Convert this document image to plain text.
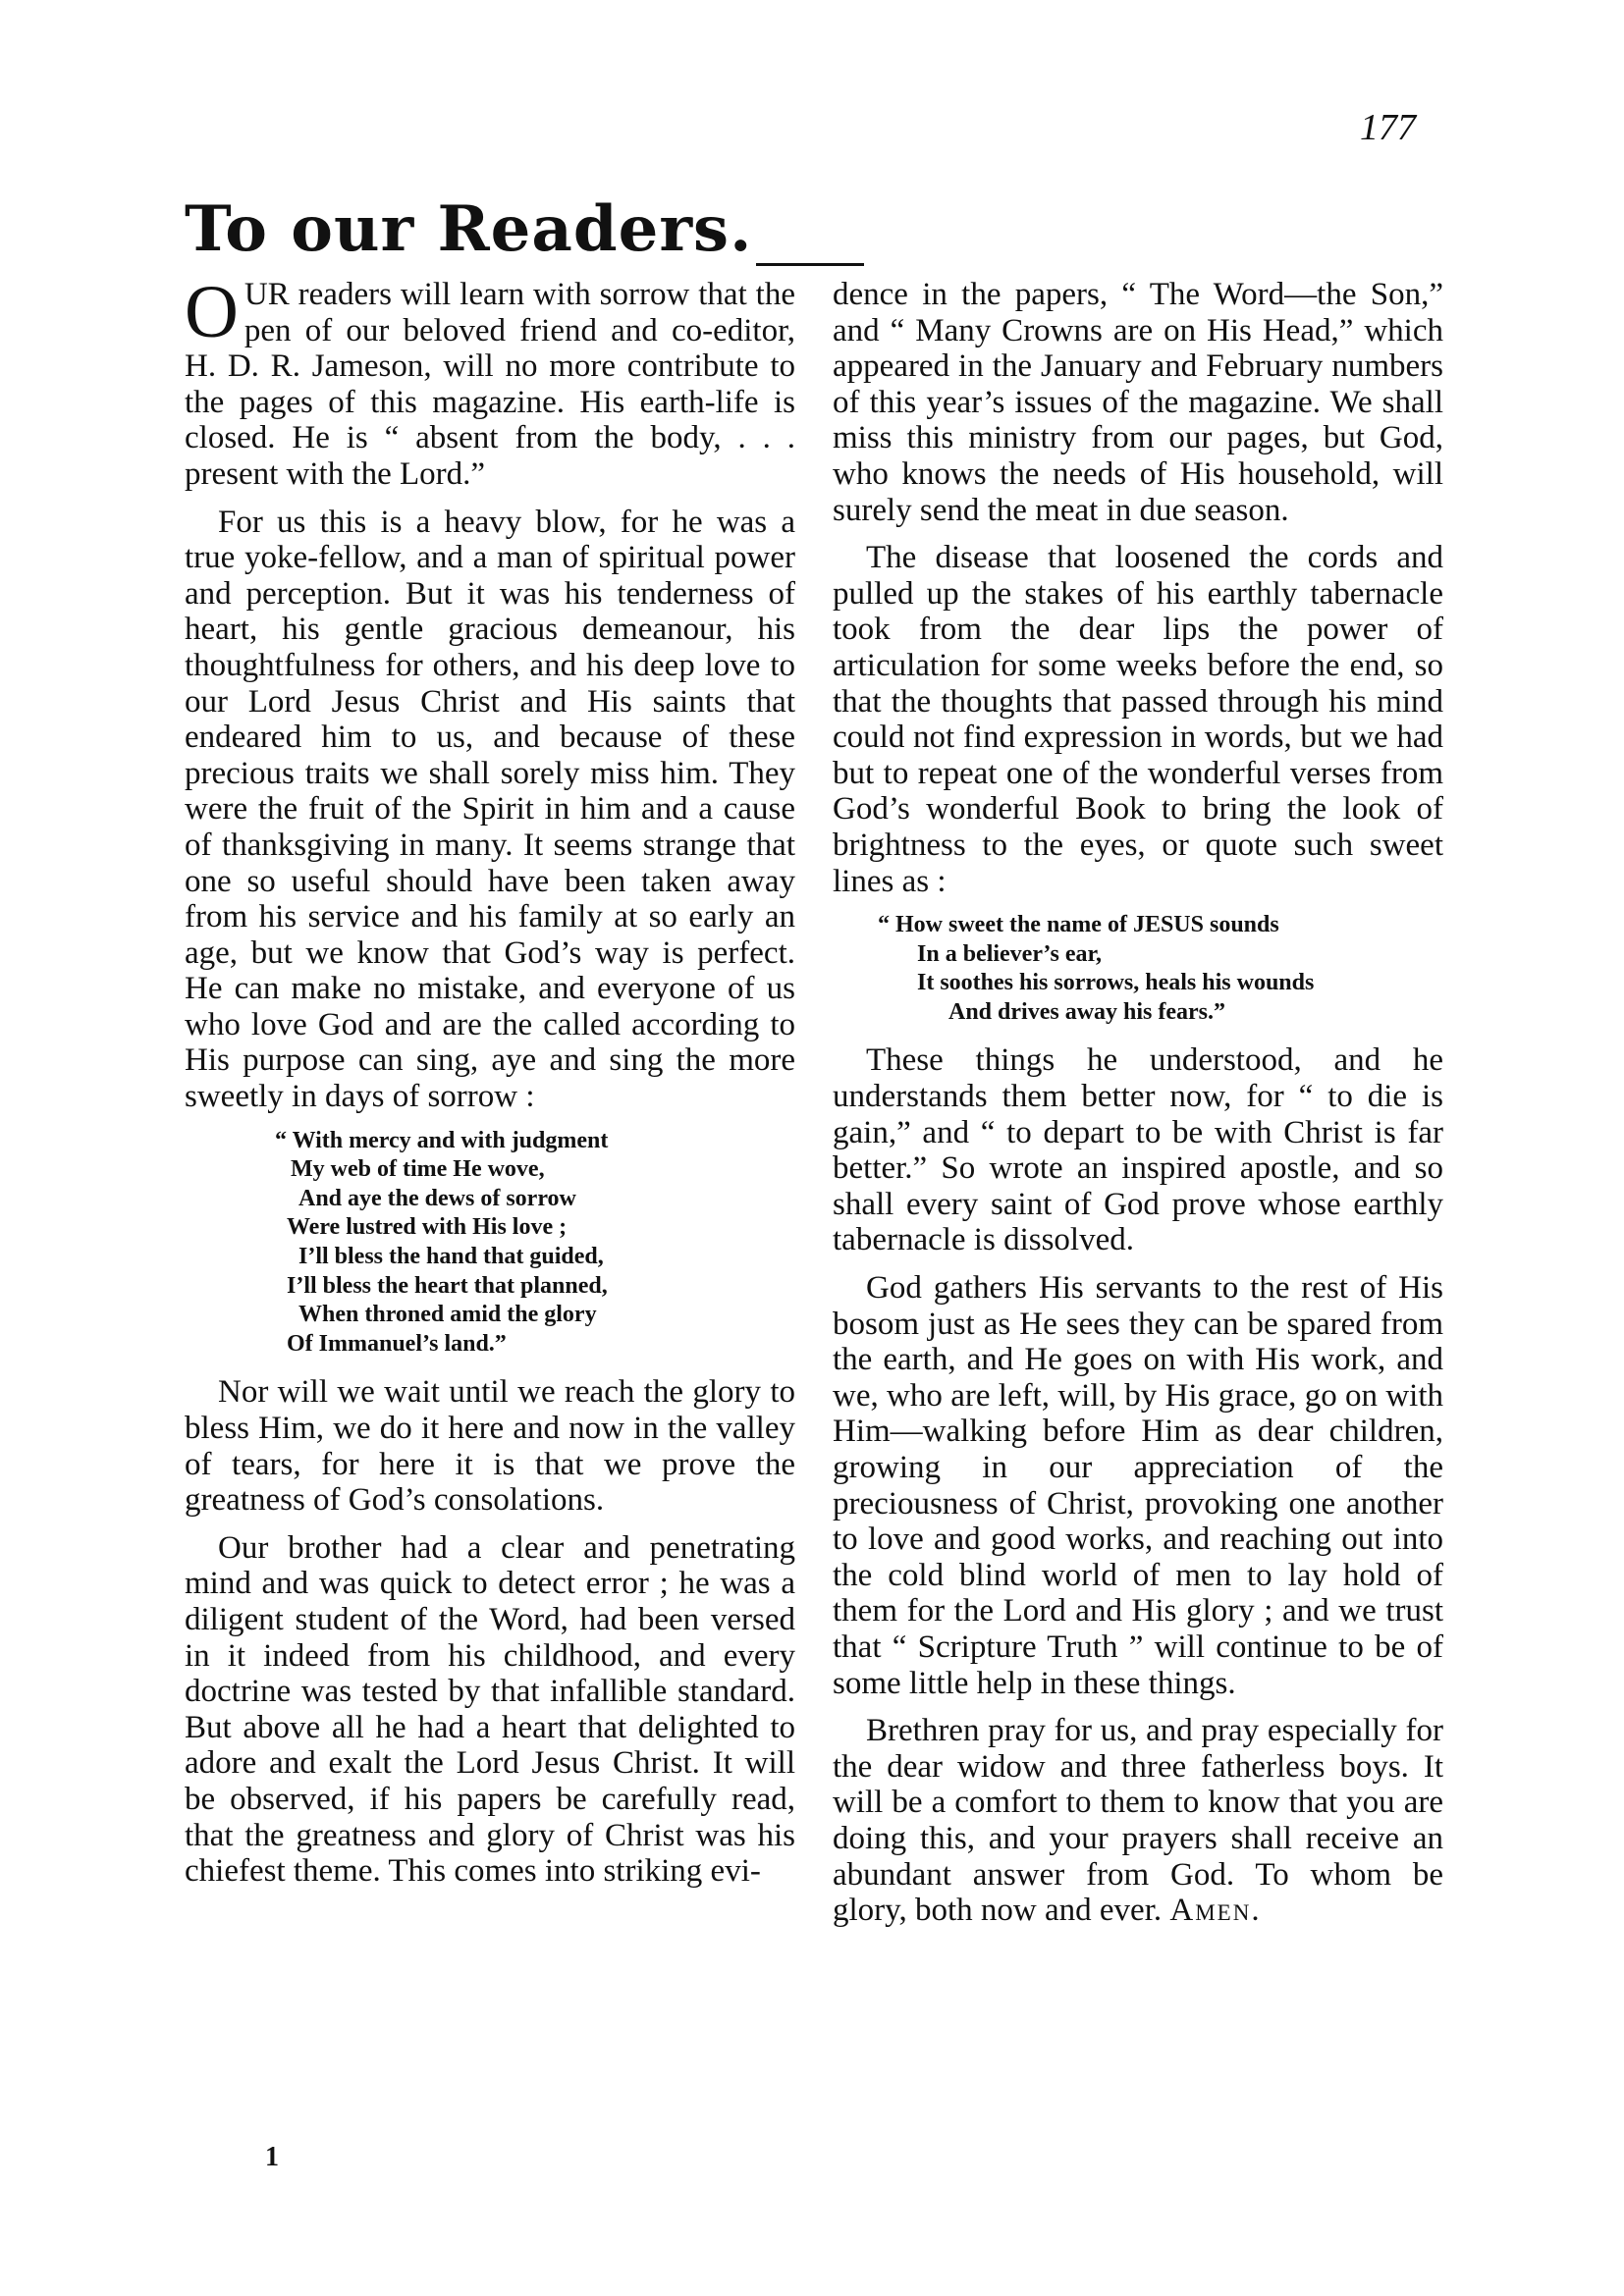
177
To our Readers.

OUR readers will learn with sorrow that the pen of our beloved friend and co-editor, H. D. R. Jameson, will no more contribute to the pages of this magazine. His earth-life is closed. He is “ absent from the body, . . . present with the Lord.”

For us this is a heavy blow, for he was a true yoke-fellow, and a man of spiritual power and perception. But it was his tenderness of heart, his gentle gracious demeanour, his thoughtfulness for others, and his deep love to our Lord Jesus Christ and His saints that endeared him to us, and because of these precious traits we shall sorely miss him. They were the fruit of the Spirit in him and a cause of thanksgiving in many. It seems strange that one so useful should have been taken away from his service and his family at so early an age, but we know that God’s way is perfect. He can make no mistake, and everyone of us who love God and are the called according to His purpose can sing, aye and sing the more sweetly in days of sorrow :

“ With mercy and with judgment
My web of time He wove,
And aye the dews of sorrow
Were lustred with His love ;
I’ll bless the hand that guided,
I’ll bless the heart that planned,
When throned amid the glory
Of Immanuel’s land.”

Nor will we wait until we reach the glory to bless Him, we do it here and now in the valley of tears, for here it is that we prove the greatness of God’s consolations.

Our brother had a clear and penetrating mind and was quick to detect error ; he was a diligent student of the Word, had been versed in it indeed from his childhood, and every doctrine was tested by that infallible standard. But above all he had a heart that delighted to adore and exalt the Lord Jesus Christ. It will be observed, if his papers be carefully read, that the greatness and glory of Christ was his chiefest theme. This comes into striking evi-

dence in the papers, “ The Word—the Son,” and “ Many Crowns are on His Head,” which appeared in the January and February numbers of this year’s issues of the magazine. We shall miss this ministry from our pages, but God, who knows the needs of His household, will surely send the meat in due season.

The disease that loosened the cords and pulled up the stakes of his earthly tabernacle took from the dear lips the power of articulation for some weeks before the end, so that the thoughts that passed through his mind could not find expression in words, but we had but to repeat one of the wonderful verses from God’s wonderful Book to bring the look of brightness to the eyes, or quote such sweet lines as :

“ How sweet the name of JESUS sounds
In a believer’s ear,
It soothes his sorrows, heals his wounds
And drives away his fears.”

These things he understood, and he understands them better now, for “ to die is gain,” and “ to depart to be with Christ is far better.” So wrote an inspired apostle, and so shall every saint of God prove whose earthly tabernacle is dissolved.

God gathers His servants to the rest of His bosom just as He sees they can be spared from the earth, and He goes on with His work, and we, who are left, will, by His grace, go on with Him—walking before Him as dear children, growing in our appreciation of the preciousness of Christ, provoking one another to love and good works, and reaching out into the cold blind world of men to lay hold of them for the Lord and His glory ; and we trust that “ Scripture Truth ” will continue to be of some little help in these things.

Brethren pray for us, and pray especially for the dear widow and three fatherless boys. It will be a comfort to them to know that you are doing this, and your prayers shall receive an abundant answer from God. To whom be glory, both now and ever. Amen.

1
